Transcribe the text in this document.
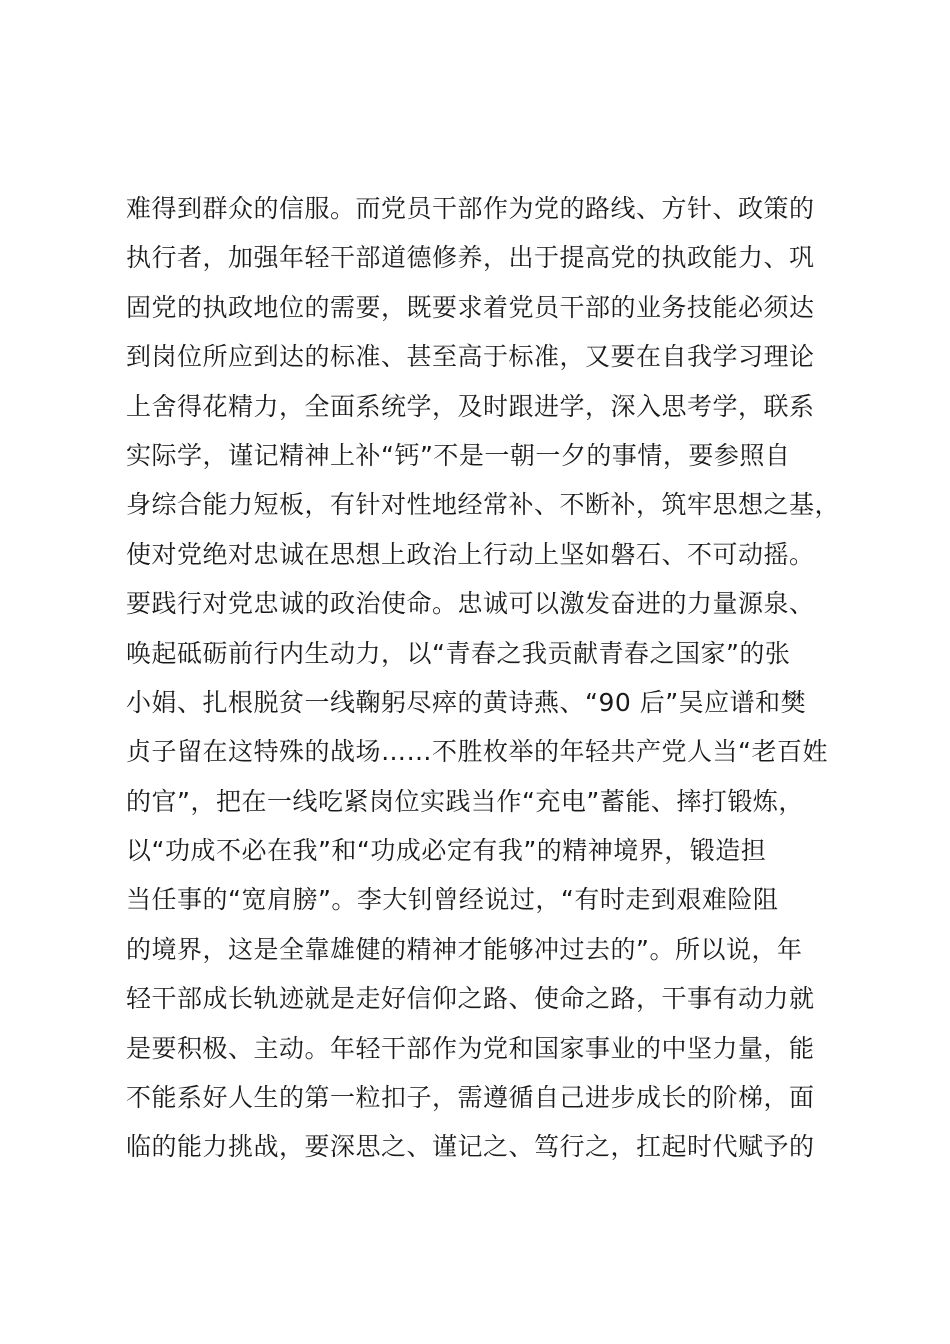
难得到群众的信服。而党员干部作为党的路线、方针、政策的
执行者，加强年轻干部道德修养，出于提高党的执政能力、巩
固党的执政地位的需要，既要求着党员干部的业务技能必须达
到岗位所应到达的标准、甚至高于标准，又要在自我学习理论
上舍得花精力，全面系统学，及时跟进学，深入思考学，联系
实际学，谨记精神上补“钙”不是一朝一夕的事情，要参照自
身综合能力短板，有针对性地经常补、不断补，筑牢思想之基，
使对党绝对忠诚在思想上政治上行动上坚如磐石、不可动摇。
要践行对党忠诚的政治使命。忠诚可以激发奋进的力量源泉、
唤起砥砺前行内生动力，以“青春之我贡献青春之国家”的张
小娟、扎根脱贫一线鞠躬尽瘁的黄诗燕、“90 后”吴应谱和樊
贞子留在这特殊的战场……不胜枚举的年轻共产党人当“老百姓
的官”，把在一线吃紧岗位实践当作“充电”蓄能、摔打锻炼，
以“功成不必在我”和“功成必定有我”的精神境界，锻造担
当任事的“宽肩膀”。李大钊曾经说过，“有时走到艰难险阻
的境界，这是全靠雄健的精神才能够冲过去的”。所以说，年
轻干部成长轨迹就是走好信仰之路、使命之路，干事有动力就
是要积极、主动。年轻干部作为党和国家事业的中坚力量，能
不能系好人生的第一粒扣子，需遵循自己进步成长的阶梯，面
临的能力挑战，要深思之、谨记之、笃行之，扛起时代赋予的
